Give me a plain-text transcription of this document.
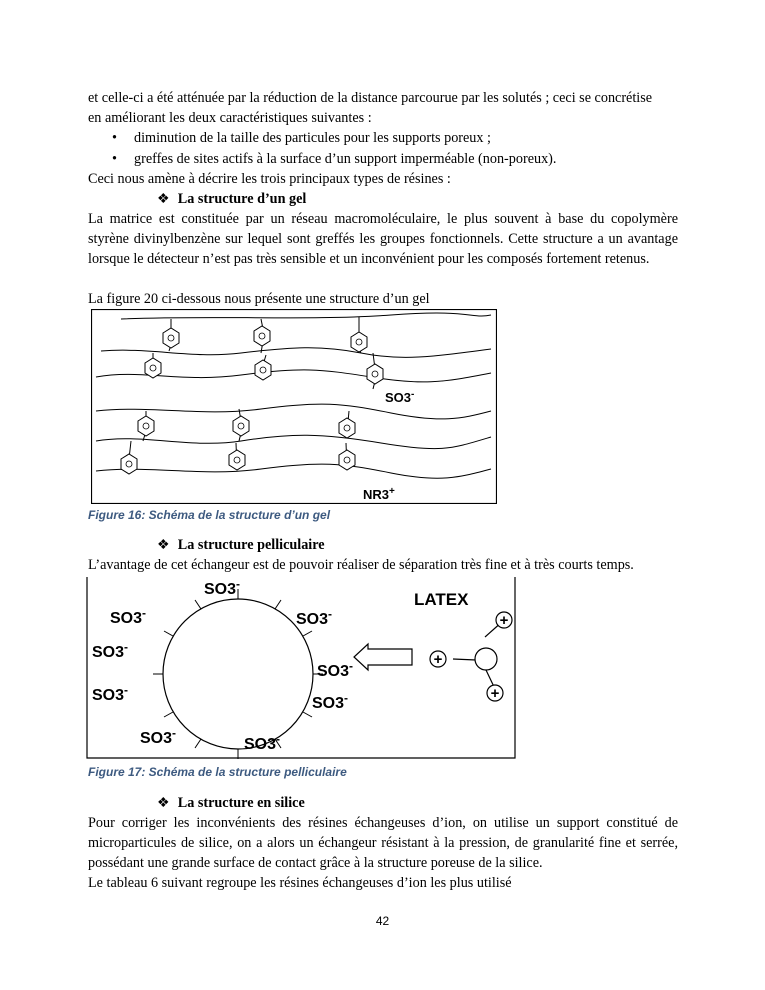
et celle-ci a été atténuée par la réduction de la distance parcourue par les solutés ; ceci se concrétise
en améliorant les deux caractéristiques suivantes :
• diminution de la taille des particules pour les supports poreux ;
• greffes de sites actifs à la surface d’un support imperméable (non-poreux).
Ceci nous amène à décrire les trois principaux types de résines :
❖ La structure d’un gel
La matrice est constituée par un réseau macromoléculaire, le plus souvent à base du copolymère styrène divinylbenzène sur lequel sont greffés les groupes fonctionnels. Cette structure a un avantage lorsque le détecteur n’est pas très sensible et un inconvénient pour les composés fortement retenus.
La figure 20 ci-dessous nous présente une structure d’un gel
SO3-
NR3+
Figure 16: Schéma de la structure d’un gel
❖ La structure pelliculaire
L’avantage de cet échangeur est de pouvoir réaliser de séparation très fine et à très courts temps.
SO3-
SO3-	SO3-
SO3-
SO3-
SO3-
SO3-
SO3-
SO3-
LATEX
+
+
+
Figure 17: Schéma de la structure pelliculaire
❖ La structure en silice
Pour corriger les inconvénients des résines échangeuses d’ion, on utilise un support constitué de microparticules de silice, on a alors un échangeur résistant à la pression, de granularité fine et serrée, possédant une grande surface de contact grâce à la structure poreuse de la silice.
Le tableau 6 suivant regroupe les résines échangeuses d’ion les plus utilisé
42
